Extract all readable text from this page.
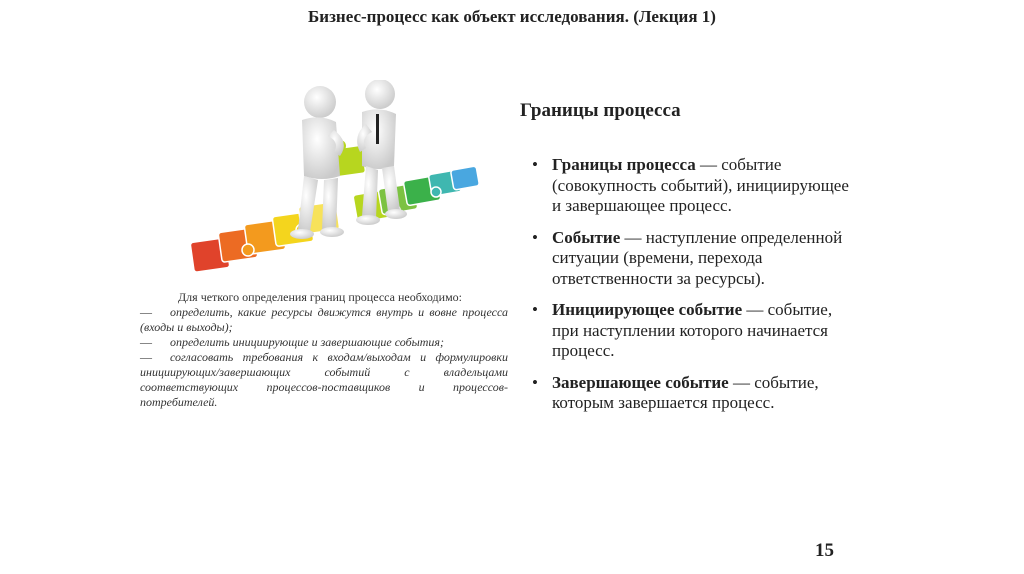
Бизнес-процесс как объект исследования. (Лекция 1)

Для четкого определения границ процесса необходимо:

— определить, какие ресурсы движутся внутрь и вовне процесса (входы и выходы);

— определить инициирующие и завершающие события;

— согласовать требования к входам/выходам и формулировки инициирующих/завершающих событий с владельцами соответствующих процессов-поставщиков и процессов-потребителей.

Границы процесса
• Границы процесса — событие (совокупность событий), инициирующее и завершающее процесс.
• Событие — наступление определенной ситуации (времени, перехода ответственности за ресурсы).
• Инициирующее событие — событие, при наступлении которого начинается процесс.
• Завершающее событие — событие, которым завершается процесс.
15
